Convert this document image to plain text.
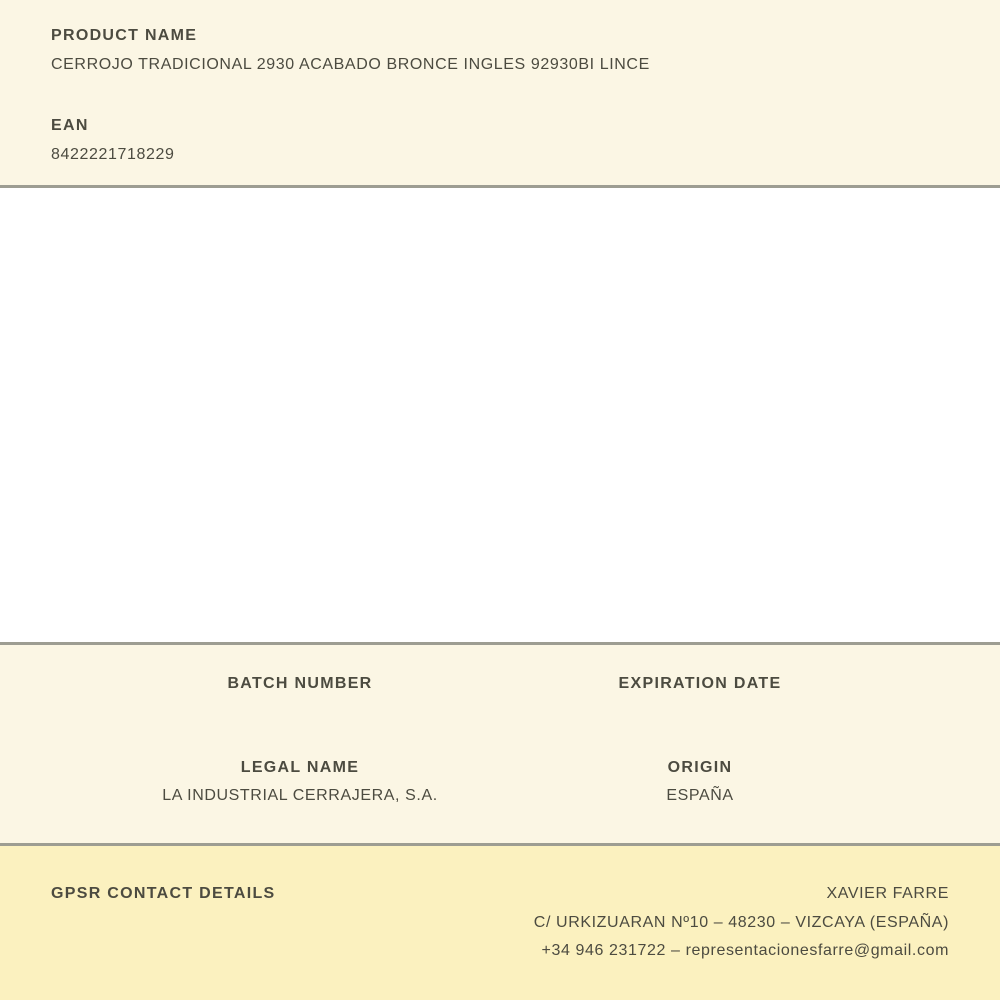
PRODUCT NAME
CERROJO TRADICIONAL 2930 ACABADO BRONCE INGLES 92930BI LINCE
EAN
8422221718229
BATCH NUMBER	EXPIRATION DATE
LEGAL NAME
LA INDUSTRIAL CERRAJERA, S.A.
ORIGIN
ESPAÑA
GPSR CONTACT DETAILS	XAVIER FARRE
C/ URKIZUARAN Nº10 – 48230 – VIZCAYA (ESPAÑA)
+34 946 231722 – representacionesfarre@gmail.com
